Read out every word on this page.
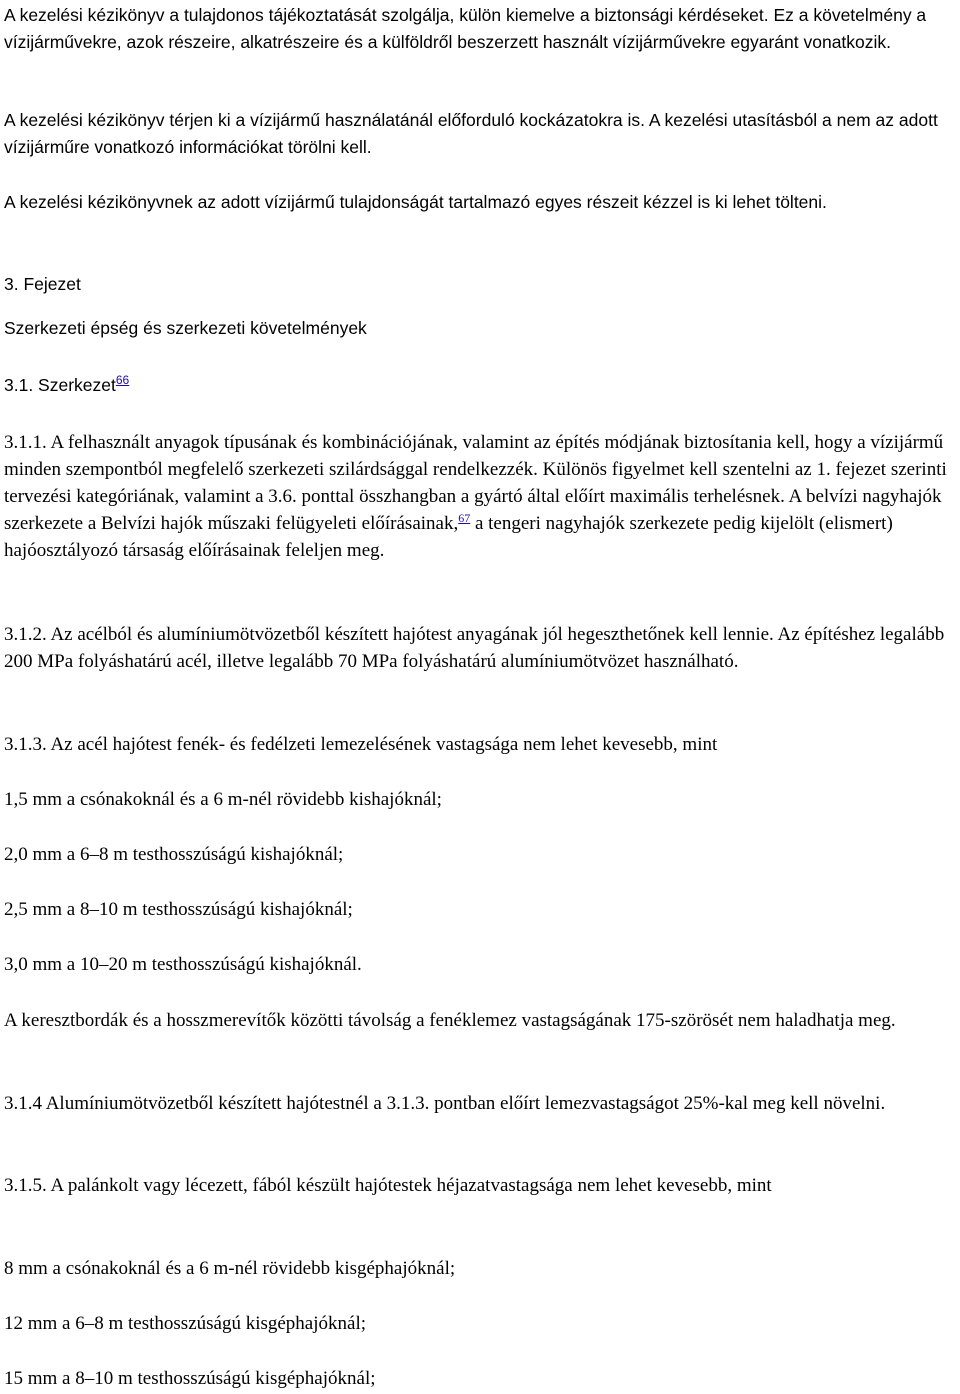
A kezelési kézikönyv a tulajdonos tájékoztatását szolgálja, külön kiemelve a biztonsági kérdéseket. Ez a követelmény a vízijárművekre, azok részeire, alkatrészeire és a külföldről beszerzett használt vízijárművekre egyaránt vonatkozik.

A kezelési kézikönyv térjen ki a vízijármű használatánál előforduló kockázatokra is. A kezelési utasításból a nem az adott vízijárműre vonatkozó információkat törölni kell.

A kezelési kézikönyvnek az adott vízijármű tulajdonságát tartalmazó egyes részeit kézzel is ki lehet tölteni.

3. Fejezet

Szerkezeti épség és szerkezeti követelmények

3.1. Szerkezet$^{66}$

3.1.1. A felhasznált anyagok típusának és kombinációjának, valamint az építés módjának biztosítania kell, hogy a vízijármű minden szempontból megfelelő szerkezeti szilárdsággal rendelkezzék. Különös figyelmet kell szentelni az 1. fejezet szerinti tervezési kategóriának, valamint a 3.6. ponttal összhangban a gyártó által előírt maximális terhelésnek. A belvízi nagyhajók szerkezete a Belvízi hajók műszaki felügyeleti előírásainak,$^{67}$ a tengeri nagyhajók szerkezete pedig kijelölt (elismert) hajóosztályozó társaság előírásainak feleljen meg.

3.1.2. Az acélból és alumíniumötvözetből készített hajótest anyagának jól hegeszthetőnek kell lennie. Az építéshez legalább 200 MPa folyáshatárú acél, illetve legalább 70 MPa folyáshatárú alumíniumötvözet használható.

3.1.3. Az acél hajótest fenék- és fedélzeti lemezelésének vastagsága nem lehet kevesebb, mint

1,5 mm a csónakoknál és a 6 m-nél rövidebb kishajóknál;

2,0 mm a 6–8 m testhosszúságú kishajóknál;

2,5 mm a 8–10 m testhosszúságú kishajóknál;

3,0 mm a 10–20 m testhosszúságú kishajóknál.

A keresztbordák és a hosszmerevítők közötti távolság a fenéklemez vastagságának 175-szörösét nem haladhatja meg.

3.1.4 Alumíniumötvözetből készített hajótestnél a 3.1.3. pontban előírt lemezvastagságot 25%-kal meg kell növelni.

3.1.5. A palánkolt vagy lécezett, fából készült hajótestek héjazatvastagsága nem lehet kevesebb, mint

8 mm a csónakoknál és a 6 m-nél rövidebb kisgéphajóknál;

12 mm a 6–8 m testhosszúságú kisgéphajóknál;

15 mm a 8–10 m testhosszúságú kisgéphajóknál;
